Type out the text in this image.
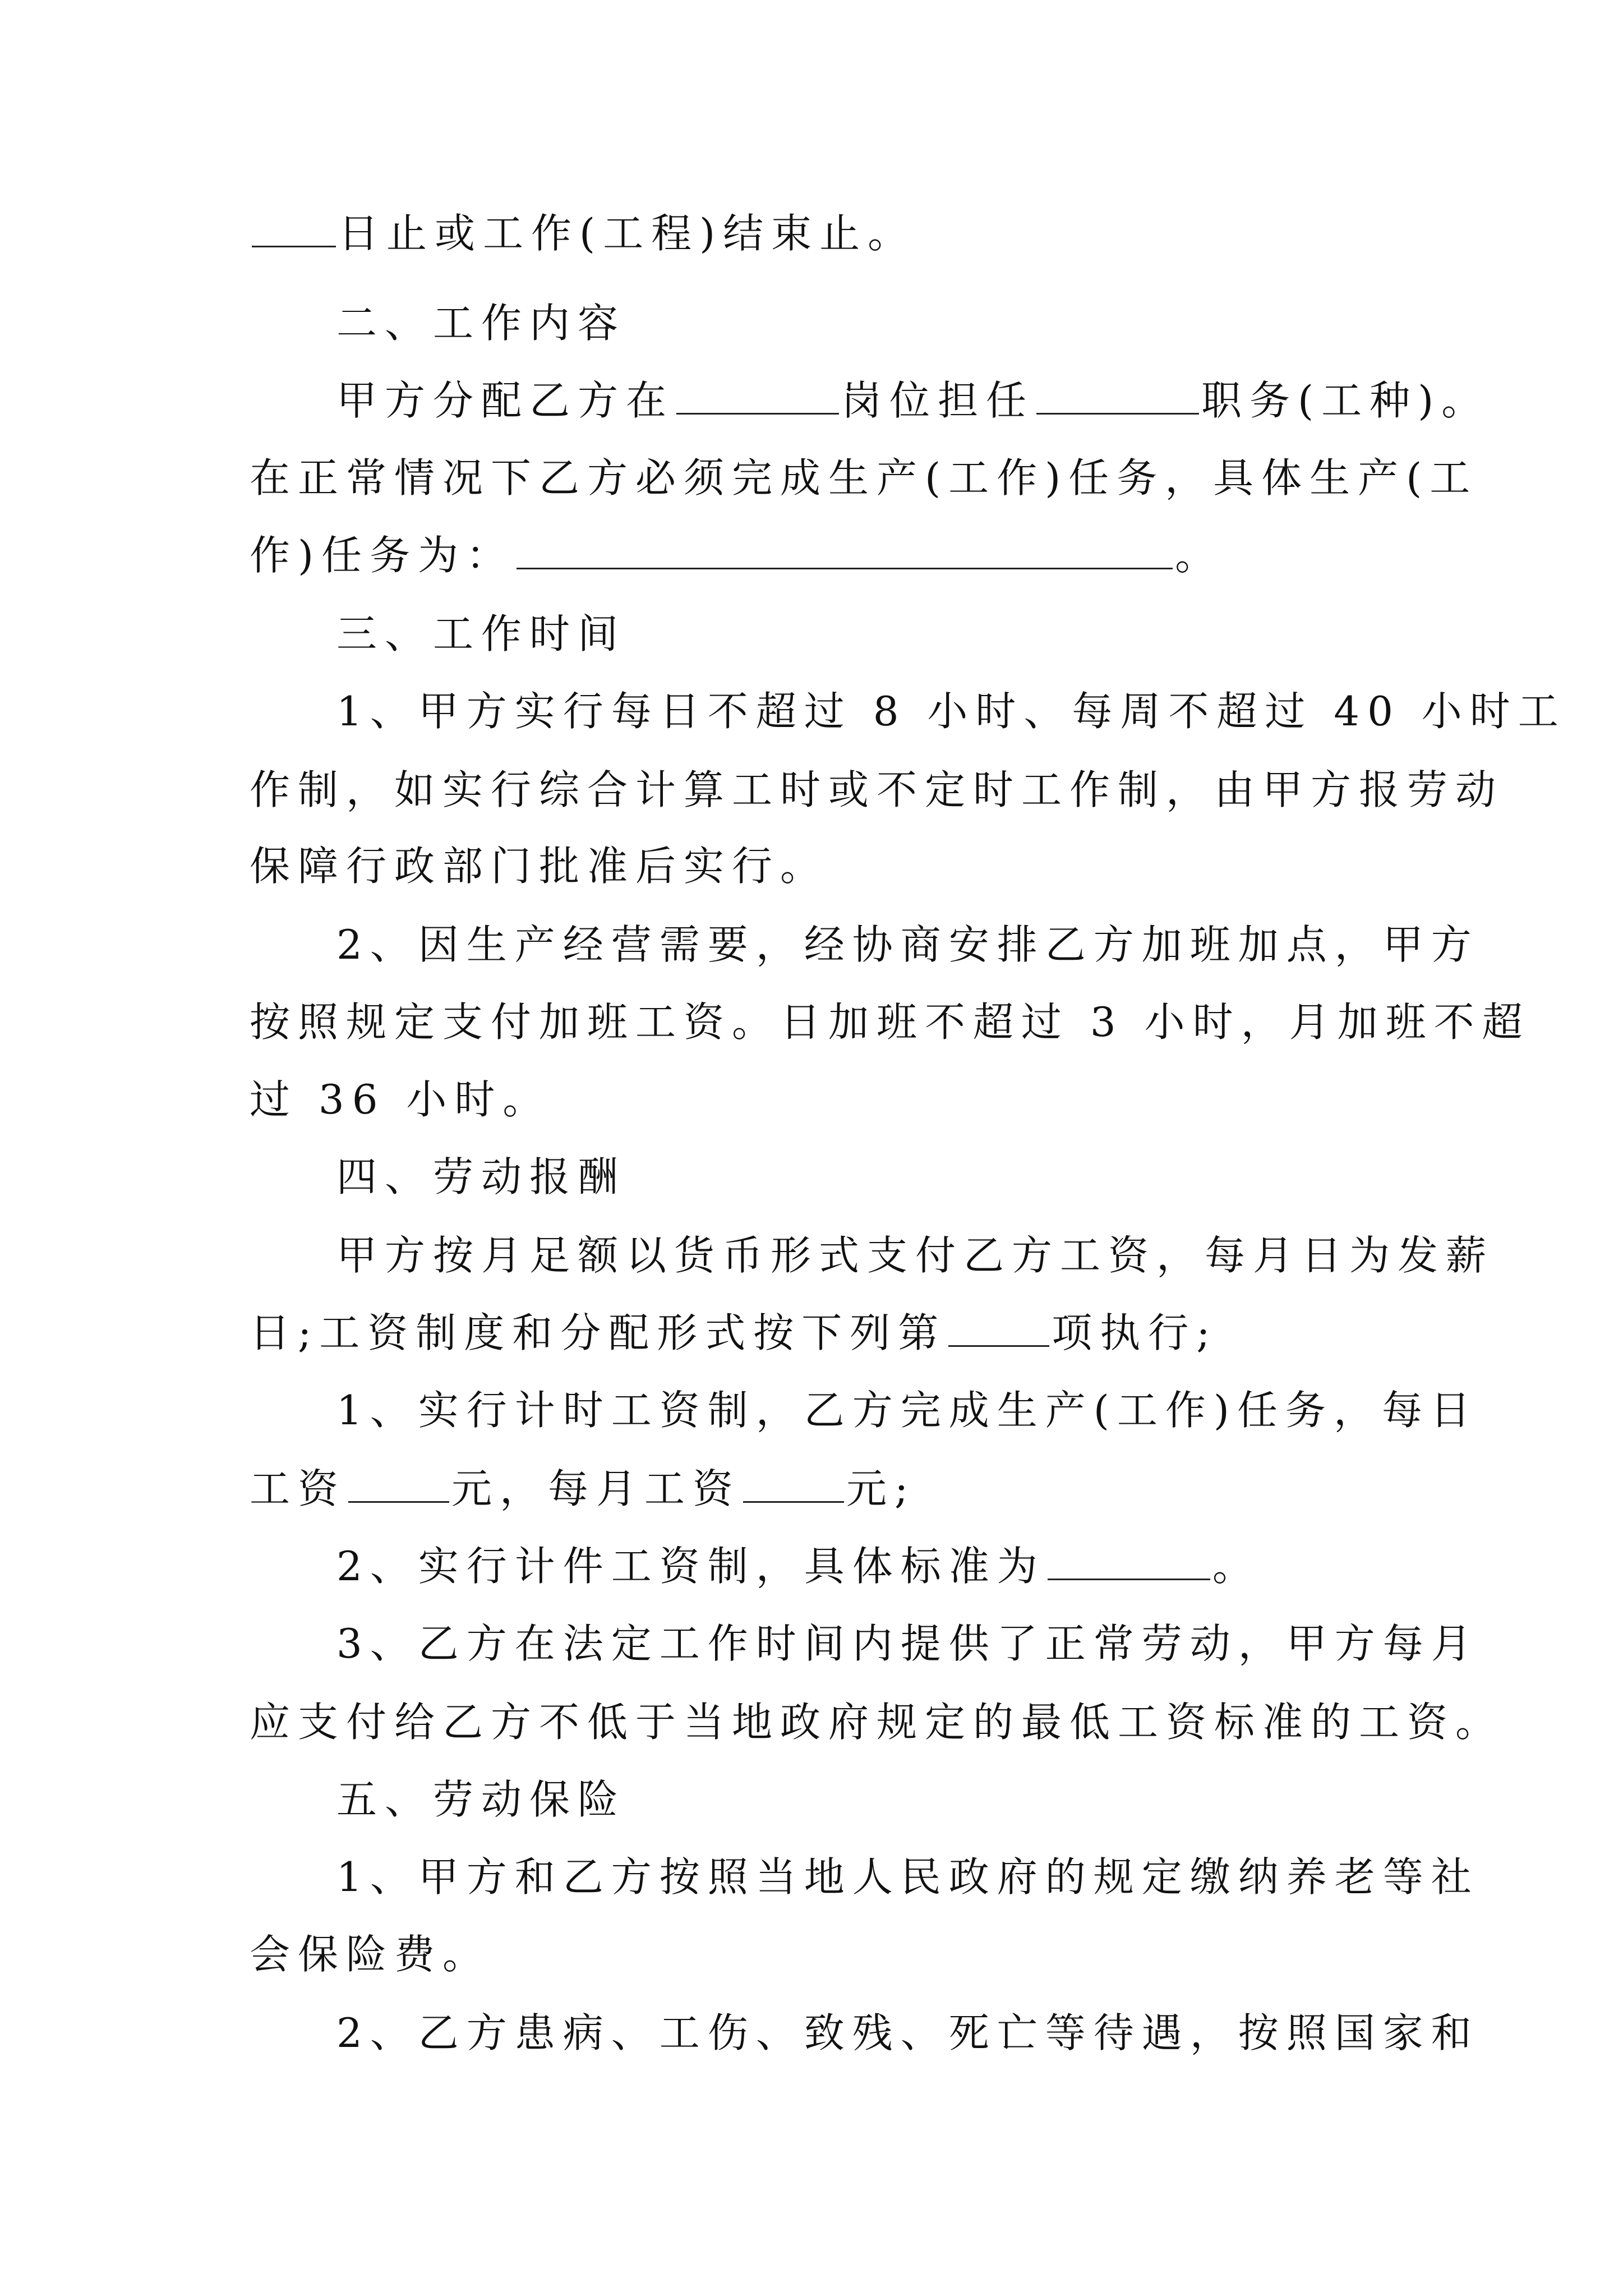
日止或工作(工程)结束止。
二、工作内容
甲方分配乙方在	岗位担任	职务(工种)。
在正常情况下乙方必须完成生产(工作)任务，具体生产(工
作)任务为：	。
三、工作时间
1、甲方实行每日不超过 8 小时、每周不超过 40 小时工
作制，如实行综合计算工时或不定时工作制，由甲方报劳动
保障行政部门批准后实行。
2、因生产经营需要，经协商安排乙方加班加点，甲方
按照规定支付加班工资。日加班不超过 3 小时，月加班不超
过 36 小时。
四、劳动报酬
甲方按月足额以货币形式支付乙方工资，每月日为发薪
日;工资制度和分配形式按下列第	项执行;
1、实行计时工资制，乙方完成生产(工作)任务，每日
工资	元，每月工资	元;
2、实行计件工资制，具体标准为	。
3、乙方在法定工作时间内提供了正常劳动，甲方每月
应支付给乙方不低于当地政府规定的最低工资标准的工资。
五、劳动保险
1、甲方和乙方按照当地人民政府的规定缴纳养老等社
会保险费。
2、乙方患病、工伤、致残、死亡等待遇，按照国家和
